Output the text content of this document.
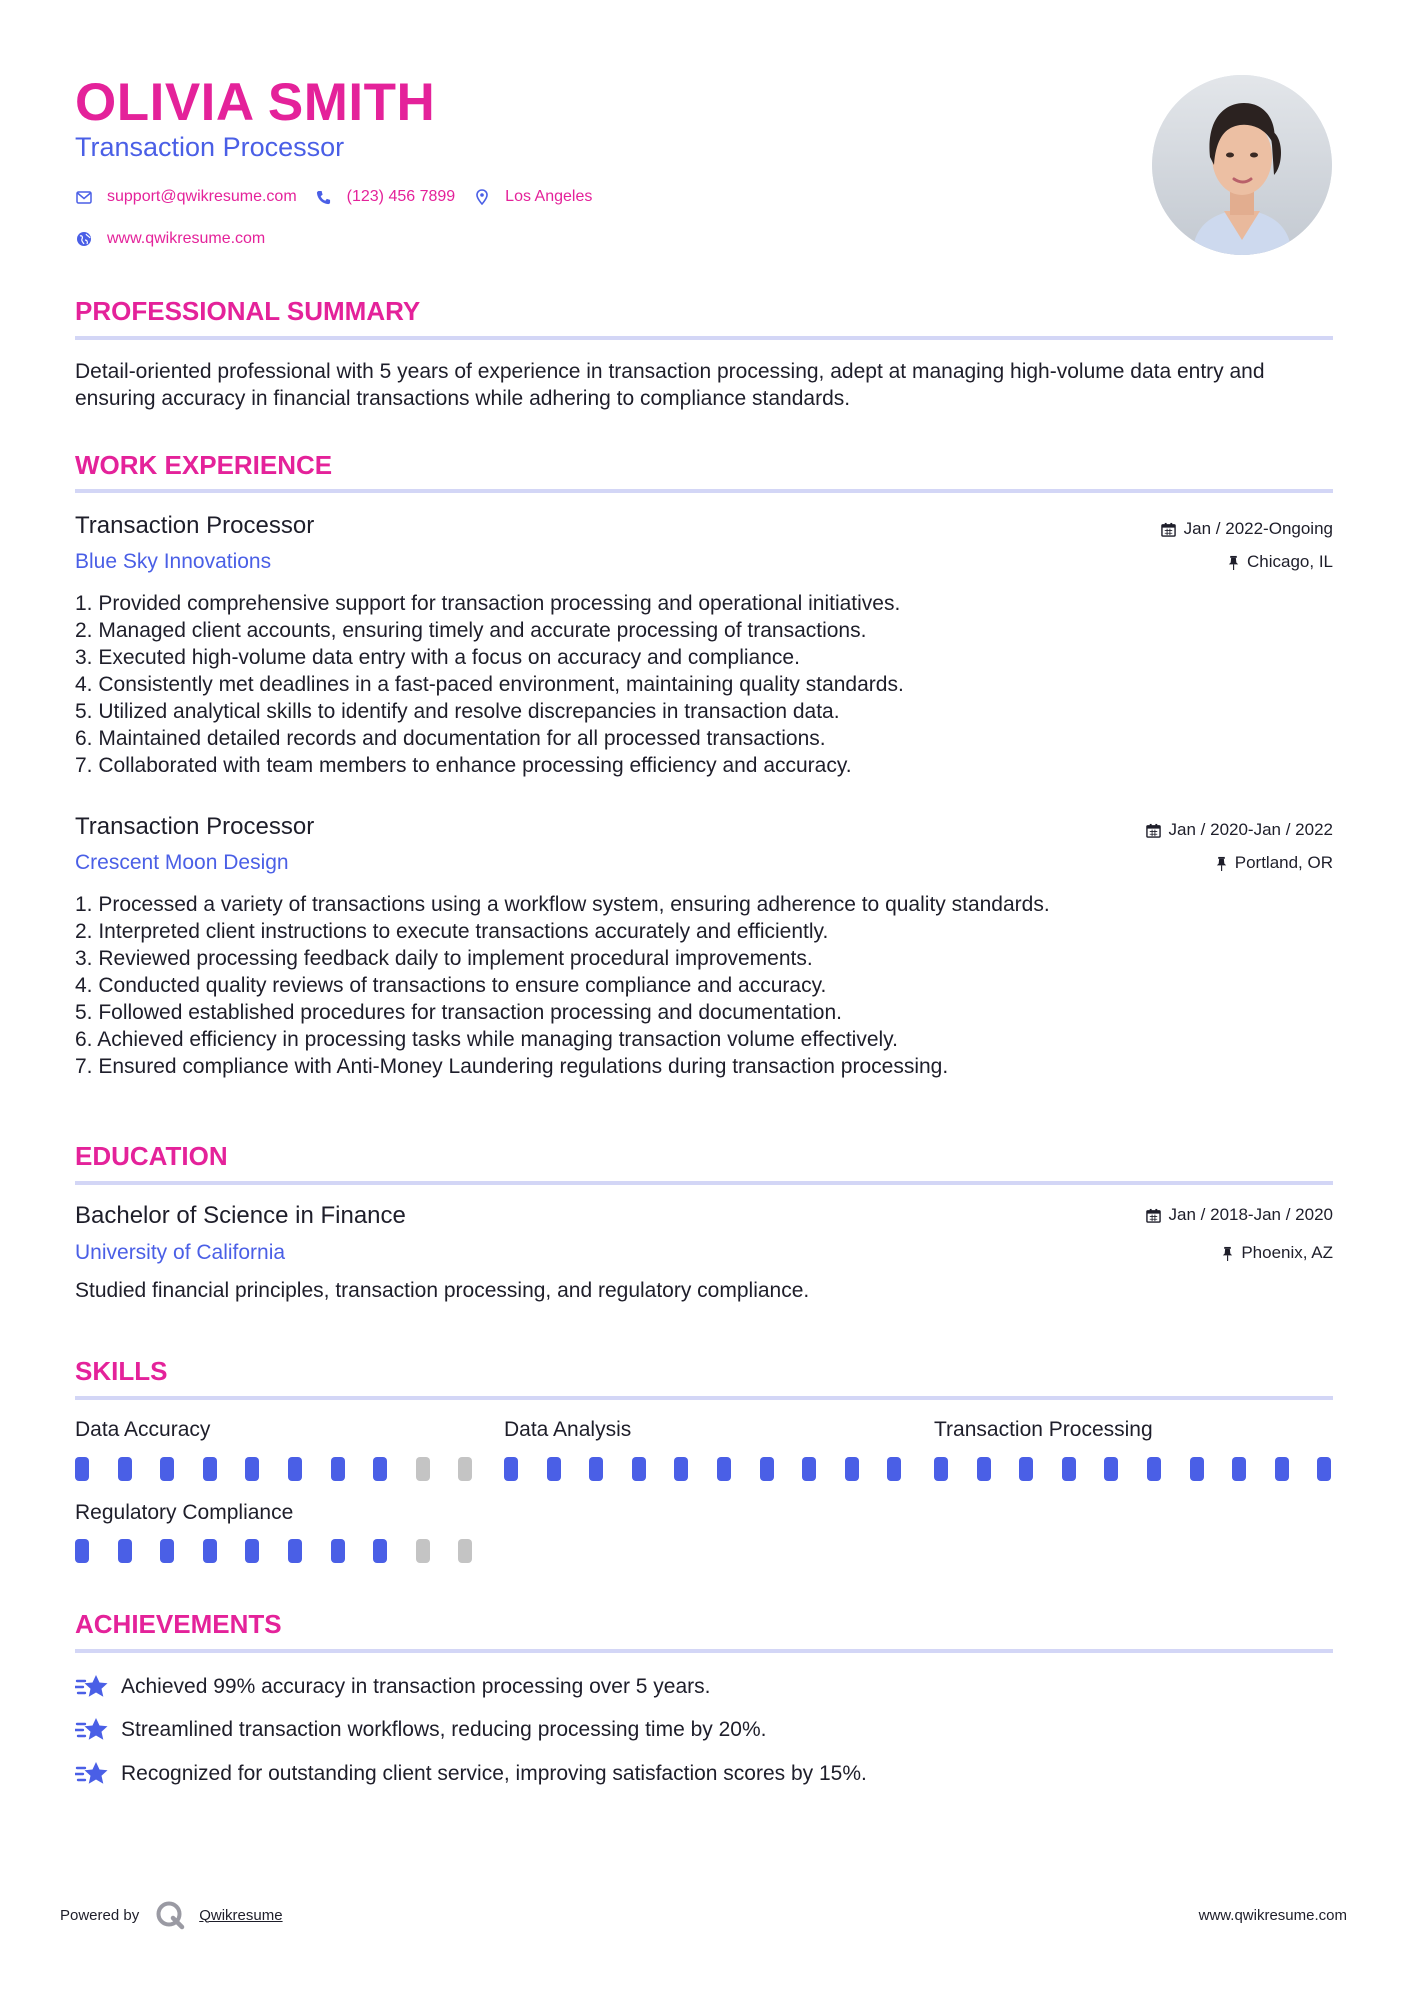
OLIVIA SMITH
Transaction Processor
support@qwikresume.com	(123) 456 7899	Los Angeles
www.qwikresume.com
PROFESSIONAL SUMMARY
Detail-oriented professional with 5 years of experience in transaction processing, adept at managing high-volume data entry and ensuring accuracy in financial transactions while adhering to compliance standards.
WORK EXPERIENCE
Transaction Processor
Blue Sky Innovations
Jan / 2022-Ongoing
Chicago, IL
1. Provided comprehensive support for transaction processing and operational initiatives.
2. Managed client accounts, ensuring timely and accurate processing of transactions.
3. Executed high-volume data entry with a focus on accuracy and compliance.
4. Consistently met deadlines in a fast-paced environment, maintaining quality standards.
5. Utilized analytical skills to identify and resolve discrepancies in transaction data.
6. Maintained detailed records and documentation for all processed transactions.
7. Collaborated with team members to enhance processing efficiency and accuracy.
Transaction Processor
Crescent Moon Design
Jan / 2020-Jan / 2022
Portland, OR
1. Processed a variety of transactions using a workflow system, ensuring adherence to quality standards.
2. Interpreted client instructions to execute transactions accurately and efficiently.
3. Reviewed processing feedback daily to implement procedural improvements.
4. Conducted quality reviews of transactions to ensure compliance and accuracy.
5. Followed established procedures for transaction processing and documentation.
6. Achieved efficiency in processing tasks while managing transaction volume effectively.
7. Ensured compliance with Anti-Money Laundering regulations during transaction processing.
EDUCATION
Bachelor of Science in Finance
University of California
Jan / 2018-Jan / 2020
Phoenix, AZ
Studied financial principles, transaction processing, and regulatory compliance.
SKILLS
Data Accuracy	Data Analysis	Transaction Processing
Regulatory Compliance
ACHIEVEMENTS
Achieved 99% accuracy in transaction processing over 5 years.
Streamlined transaction workflows, reducing processing time by 20%.
Recognized for outstanding client service, improving satisfaction scores by 15%.
Powered by	Qwikresume	www.qwikresume.com
